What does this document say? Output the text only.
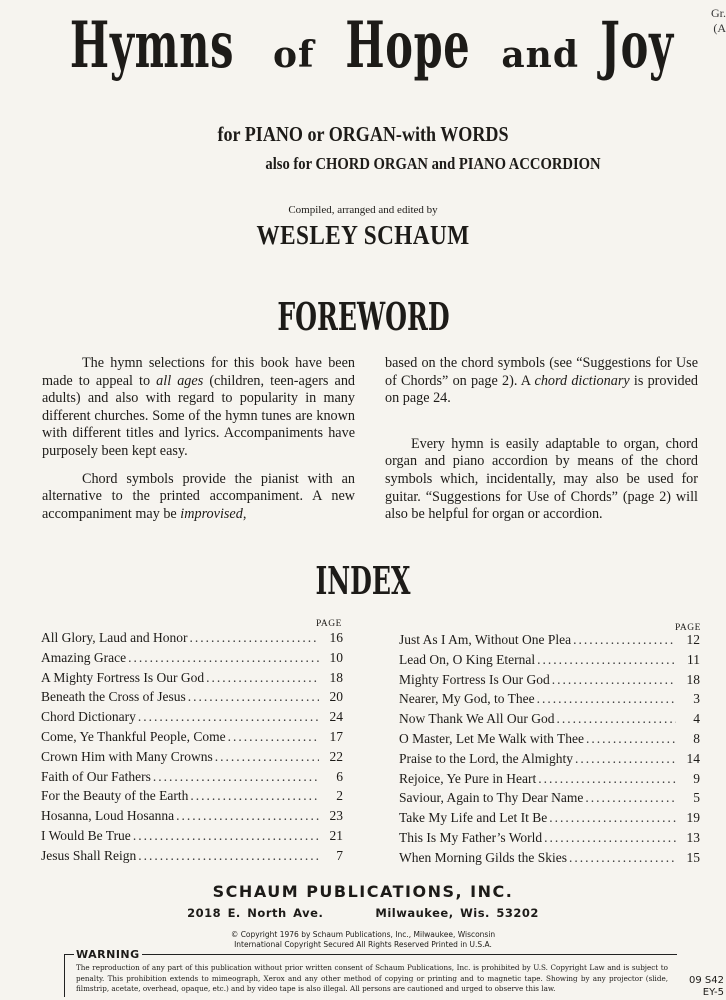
Hymns of Hope and Joy	Gr.
(A
for PIANO or ORGAN-with WORDS
also for CHORD ORGAN and PIANO ACCORDION
Compiled, arranged and edited by
WESLEY SCHAUM
FOREWORD

The hymn selections for this book have been made to appeal to all ages (children, teen-agers and adults) and also with regard to popularity in many different churches. Some of the hymn tunes are known with different titles and lyrics. Accompaniments have purposely been kept easy.

Chord symbols provide the pianist with an alternative to the printed accompaniment. A new accompaniment may be improvised,

based on the chord symbols (see “Suggestions for Use of Chords” on page 2). A chord dictionary is provided on page 24.

Every hymn is easily adaptable to organ, chord organ and piano accordion by means of the chord symbols which, incidentally, may also be used for guitar. “Suggestions for Use of Chords” (page 2) will also be helpful for organ or accordion.

INDEX
PAGE	PAGE
All Glory, Laud and Honor .....	16
Amazing Grace .....	10
A Mighty Fortress Is Our God .....	18
Beneath the Cross of Jesus .....	20
Chord Dictionary .....	24
Come, Ye Thankful People, Come .....	17
Crown Him with Many Crowns .....	22
Faith of Our Fathers .....	6
For the Beauty of the Earth .....	2
Hosanna, Loud Hosanna .....	23
I Would Be True .....	21
Jesus Shall Reign .....	7
Just As I Am, Without One Plea .....	12
Lead On, O King Eternal .....	11
Mighty Fortress Is Our God .....	18
Nearer, My God, to Thee .....	3
Now Thank We All Our God .....	4
O Master, Let Me Walk with Thee .....	8
Praise to the Lord, the Almighty .....	14
Rejoice, Ye Pure in Heart .....	9
Saviour, Again to Thy Dear Name .....	5
Take My Life and Let It Be .....	19
This Is My Father’s World .....	13
When Morning Gilds the Skies .....	15
SCHAUM PUBLICATIONS, INC.
2018 E. North Ave.	Milwaukee, Wis. 53202
© Copyright 1976 by Schaum Publications, Inc., Milwaukee, Wisconsin
International Copyright Secured All Rights Reserved Printed in U.S.A.
WARNING
The reproduction of any part of this publication without prior written consent of Schaum Publications, Inc. is prohibited by U.S. Copyright Law and is subject to penalty. This prohibition extends to mimeograph, Xerox and any other method of copying or printing and to magnetic tape. Showing by any projector (slide, filmstrip, acetate, overhead, opaque, etc.) and by video tape is also illegal. All persons are cautioned and urged to observe this law.
09 S42
EY-5
